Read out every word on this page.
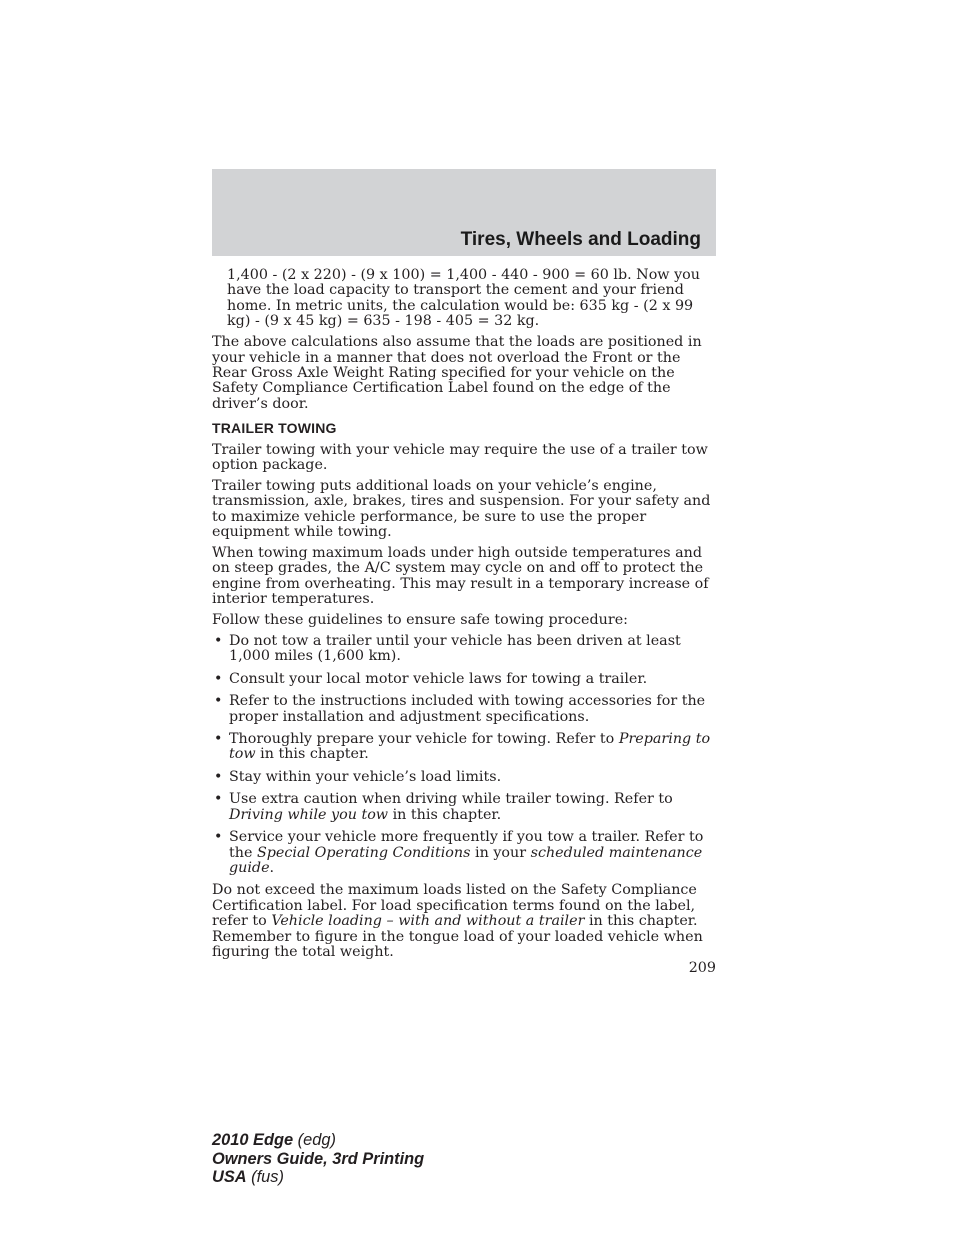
Tires, Wheels and Loading

1,400 - (2 x 220) - (9 x 100) = 1,400 - 440 - 900 = 60 lb. Now you have the load capacity to transport the cement and your friend home. In metric units, the calculation would be: 635 kg - (2 x 99 kg) - (9 x 45 kg) = 635 - 198 - 405 = 32 kg.

The above calculations also assume that the loads are positioned in your vehicle in a manner that does not overload the Front or the Rear Gross Axle Weight Rating specified for your vehicle on the Safety Compliance Certification Label found on the edge of the driver’s door.

TRAILER TOWING

Trailer towing with your vehicle may require the use of a trailer tow option package.

Trailer towing puts additional loads on your vehicle’s engine, transmission, axle, brakes, tires and suspension. For your safety and to maximize vehicle performance, be sure to use the proper equipment while towing.

When towing maximum loads under high outside temperatures and on steep grades, the A/C system may cycle on and off to protect the engine from overheating. This may result in a temporary increase of interior temperatures.

Follow these guidelines to ensure safe towing procedure:

• Do not tow a trailer until your vehicle has been driven at least 1,000 miles (1,600 km).
• Consult your local motor vehicle laws for towing a trailer.
• Refer to the instructions included with towing accessories for the proper installation and adjustment specifications.
• Thoroughly prepare your vehicle for towing. Refer to Preparing to tow in this chapter.
• Stay within your vehicle’s load limits.
• Use extra caution when driving while trailer towing. Refer to Driving while you tow in this chapter.
• Service your vehicle more frequently if you tow a trailer. Refer to the Special Operating Conditions in your scheduled maintenance guide.

Do not exceed the maximum loads listed on the Safety Compliance Certification label. For load specification terms found on the label, refer to Vehicle loading – with and without a trailer in this chapter. Remember to figure in the tongue load of your loaded vehicle when figuring the total weight.

209

2010 Edge (edg)
Owners Guide, 3rd Printing
USA (fus)
